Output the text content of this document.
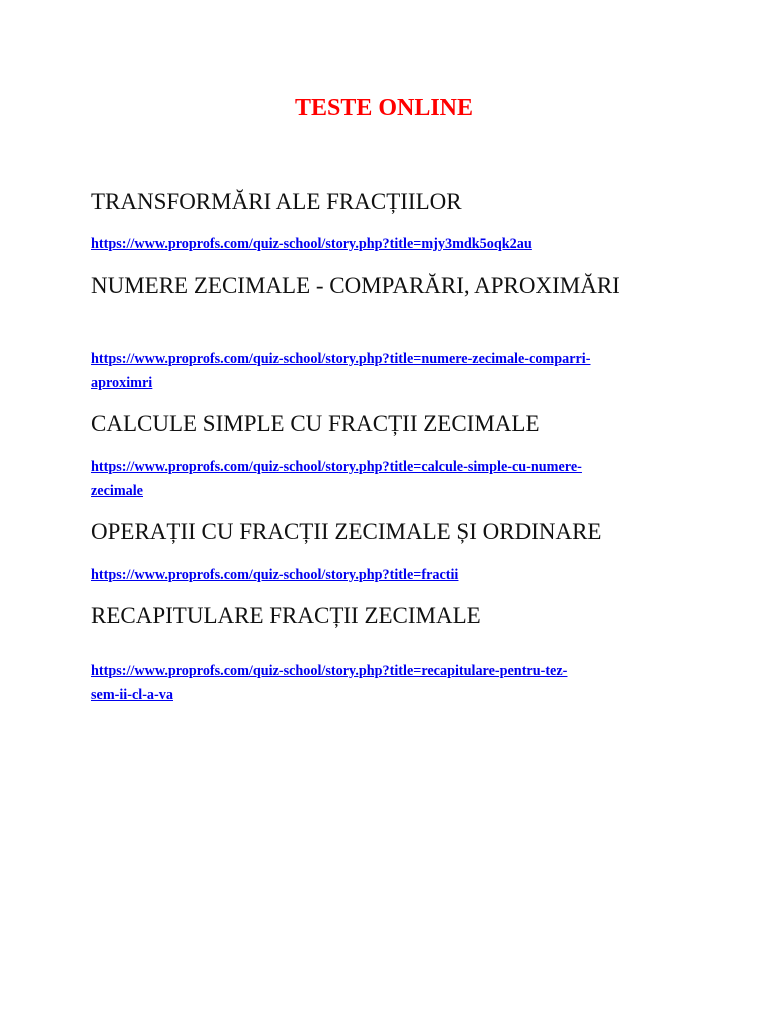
TESTE ONLINE
TRANSFORMĂRI ALE FRACȚIILOR
https://www.proprofs.com/quiz-school/story.php?title=mjy3mdk5oqk2au
NUMERE ZECIMALE - COMPARĂRI, APROXIMĂRI
https://www.proprofs.com/quiz-school/story.php?title=numere-zecimale-comparri-
aproximri
CALCULE SIMPLE CU FRACȚII ZECIMALE
https://www.proprofs.com/quiz-school/story.php?title=calcule-simple-cu-numere-
zecimale
OPERAȚII CU FRACȚII ZECIMALE ȘI ORDINARE
https://www.proprofs.com/quiz-school/story.php?title=fractii
RECAPITULARE FRACȚII ZECIMALE
https://www.proprofs.com/quiz-school/story.php?title=recapitulare-pentru-tez-
sem-ii-cl-a-va
